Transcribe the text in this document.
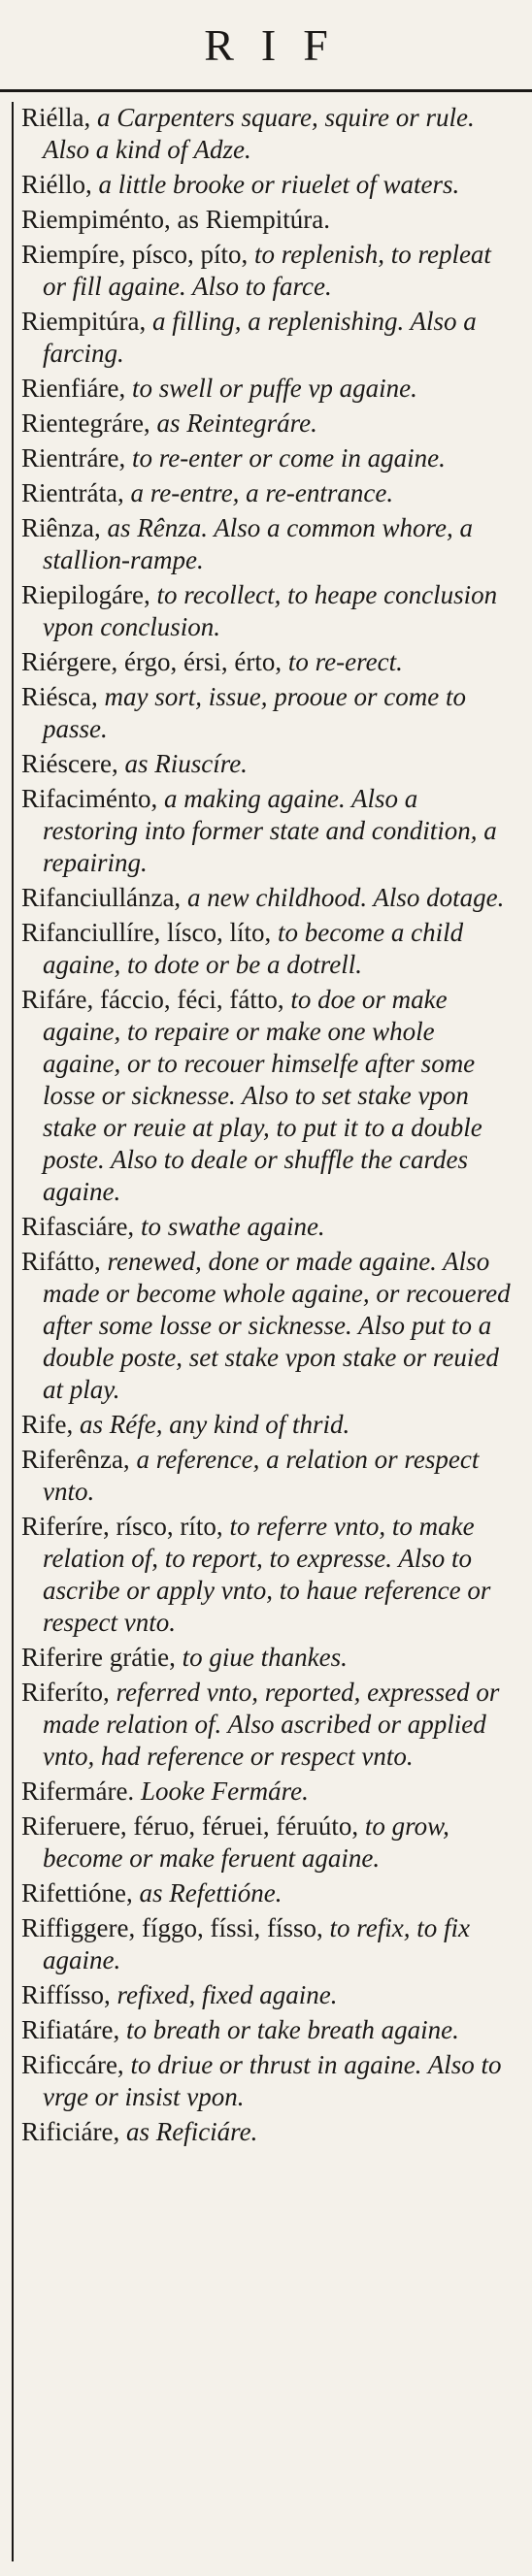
RIF

Riélla, a Carpenters square, squire or rule. Also a kind of Adze.

Riéllo, a little brooke or riuelet of waters.

Riempiménto, as Riempitúra.

Riempíre, písco, píto, to replenish, to repleat or fill againe. Also to farce.

Riempitúra, a filling, a replenishing. Also a farcing.

Rienfiáre, to swell or puffe vp againe.

Rientegráre, as Reintegráre.

Rientráre, to re-enter or come in againe.

Rientráta, a re-entre, a re-entrance.

Riênza, as Rênza. Also a common whore, a stallion-rampe.

Riepilogáre, to recollect, to heape conclusion vpon conclusion.

Riérgere, érgo, érsi, érto, to re-erect.

Riésca, may sort, issue, prooue or come to passe.

Riéscere, as Riuscíre.

Rifaciménto, a making againe. Also a restoring into former state and condition, a repairing.

Rifanciullánza, a new childhood. Also dotage.

Rifanciullíre, lísco, líto, to become a child againe, to dote or be a dotrell.

Rifáre, fáccio, féci, fátto, to doe or make againe, to repaire or make one whole againe, or to recouer himselfe after some losse or sicknesse. Also to set stake vpon stake or reuie at play, to put it to a double poste. Also to deale or shuffle the cardes againe.

Rifasciáre, to swathe againe.

Rifátto, renewed, done or made againe. Also made or become whole againe, or recouered after some losse or sicknesse. Also put to a double poste, set stake vpon stake or reuied at play.

Rife, as Réfe, any kind of thrid.

Riferênza, a reference, a relation or respect vnto.

Riferíre, rísco, ríto, to referre vnto, to make relation of, to report, to expresse. Also to ascribe or apply vnto, to haue reference or respect vnto.

Riferire grátie, to giue thankes.

Riferíto, referred vnto, reported, expressed or made relation of. Also ascribed or applied vnto, had reference or respect vnto.

Rifermáre. Looke Fermáre.

Riferuere, féruo, féruei, féruúto, to grow, become or make feruent againe.

Rifettióne, as Refettióne.

Riffiggere, fíggo, físsi, físso, to refix, to fix againe.

Riffísso, refixed, fixed againe.

Rifiatáre, to breath or take breath againe.

Rificcáre, to driue or thrust in againe. Also to vrge or insist vpon.

Rificiáre, as Reficiáre.
